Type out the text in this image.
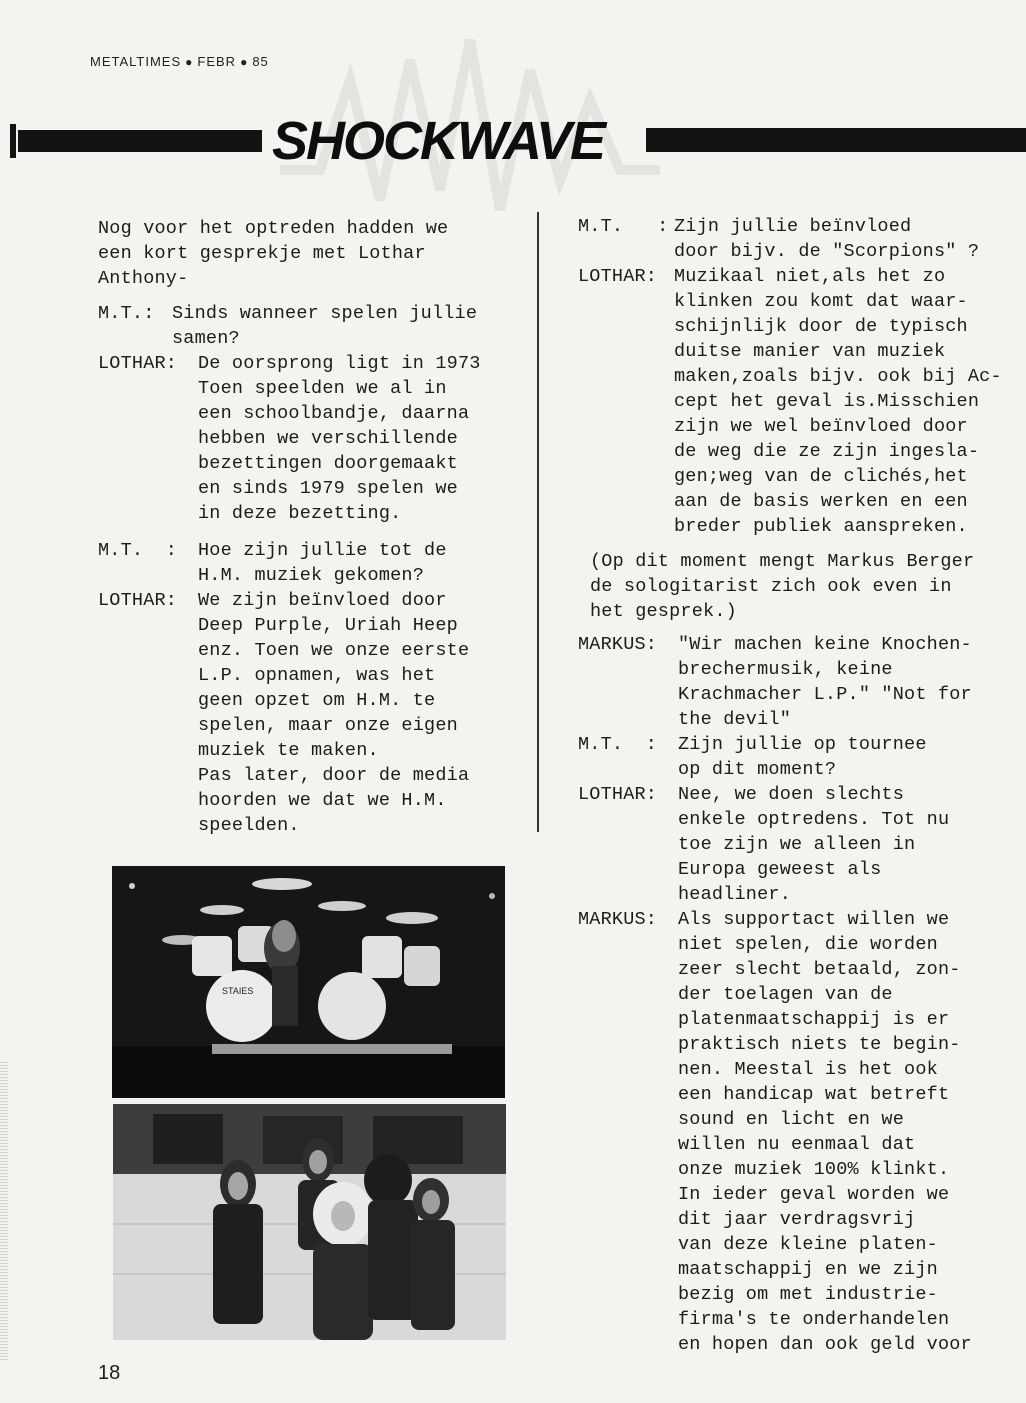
METALTIMES ● FEBR ● 85
SHOCKWAVE
Nog voor het optreden hadden we
een kort gesprekje met Lothar
Anthony-
M.T.: Sinds wanneer spelen jullie
samen?
LOTHAR:	De oorsprong ligt in 1973
Toen speelden we al in
een schoolbandje, daarna
hebben we verschillende
bezettingen doorgemaakt
en sinds 1979 spelen we
in deze bezetting.
M.T.  :	Hoe zijn jullie tot de
H.M. muziek gekomen?
LOTHAR:	We zijn beïnvloed door
Deep Purple, Uriah Heep
enz. Toen we onze eerste
L.P. opnamen, was het
geen opzet om H.M. te
spelen, maar onze eigen
muziek te maken.
Pas later, door de media
hoorden we dat we H.M.
speelden.
M.T.   : Zijn jullie beïnvloed
door bijv. de "Scorpions" ?
LOTHAR: Muzikaal niet,als het zo
klinken zou komt dat waar-
schijnlijk door de typisch
duitse manier van muziek
maken,zoals bijv. ook bij Ac-
cept het geval is.Misschien
zijn we wel beïnvloed door
de weg die ze zijn ingesla-
gen;weg van de clichés,het
aan de basis werken en een
breder publiek aanspreken.
(Op dit moment mengt Markus Berger
de sologitarist zich ook even in
het gesprek.)
MARKUS:	"Wir machen keine Knochen-
brechermusik, keine
Krachmacher L.P." "Not for
the devil"
M.T.  :	Zijn jullie op tournee
op dit moment?
LOTHAR:	Nee, we doen slechts
enkele optredens. Tot nu
toe zijn we alleen in
Europa geweest als
headliner.
MARKUS:	Als supportact willen we
niet spelen, die worden
zeer slecht betaald, zon-
der toelagen van de
platenmaatschappij is er
praktisch niets te begin-
nen. Meestal is het ook
een handicap wat betreft
sound en licht en we
willen nu eenmaal dat
onze muziek 100% klinkt.
In ieder geval worden we
dit jaar verdragsvrij
van deze kleine platen-
maatschappij en we zijn
bezig om met industrie-
firma's te onderhandelen
en hopen dan ook geld voor
STAIES
18
